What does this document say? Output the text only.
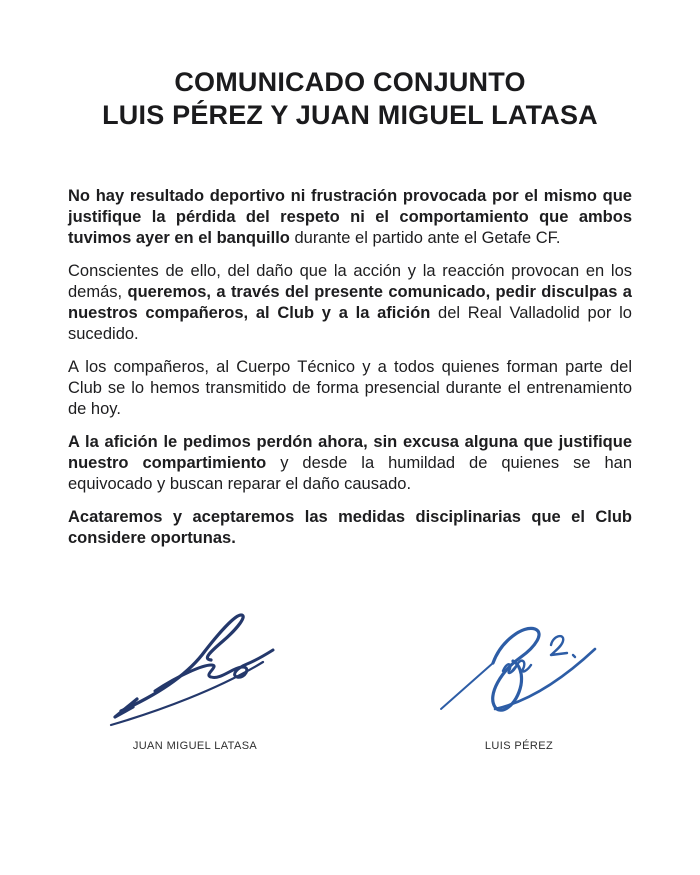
COMUNICADO CONJUNTO
LUIS PÉREZ Y JUAN MIGUEL LATASA

No hay resultado deportivo ni frustración provocada por el mismo que justifique la pérdida del respeto ni el comportamiento que ambos tuvimos ayer en el banquillo durante el partido ante el Getafe CF.

Conscientes de ello, del daño que la acción y la reacción provocan en los demás, queremos, a través del presente comunicado, pedir disculpas a nuestros compañeros, al Club y a la afición del Real Valladolid por lo sucedido.

A los compañeros, al Cuerpo Técnico y a todos quienes forman parte del Club se lo hemos transmitido de forma presencial durante el entrenamiento de hoy.

A la afición le pedimos perdón ahora, sin excusa alguna que justifique nuestro compartimiento y desde la humildad de quienes se han equivocado y buscan reparar el daño causado.

Acataremos y aceptaremos las medidas disciplinarias que el Club considere oportunas.

JUAN MIGUEL LATASA	LUIS PÉREZ
